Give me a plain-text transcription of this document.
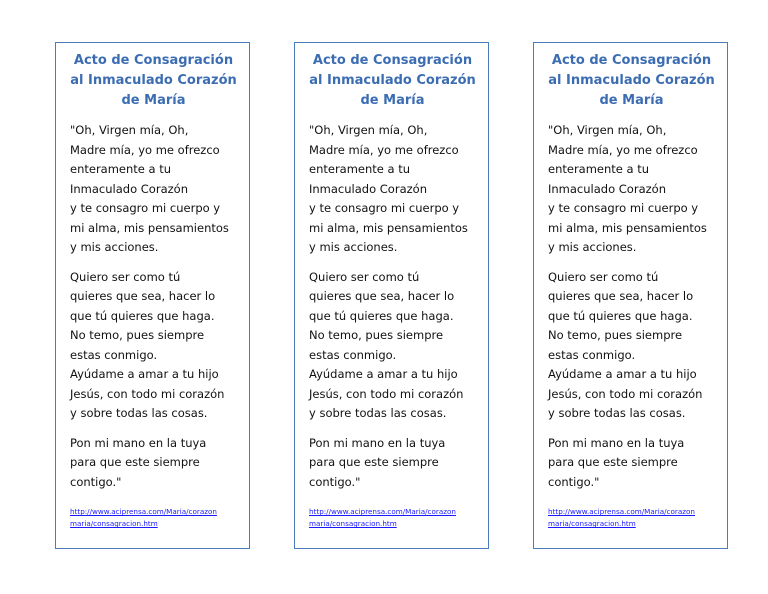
Acto de Consagración
al Inmaculado Corazón
de María
"Oh, Virgen mía, Oh,
Madre mía, yo me ofrezco
enteramente a tu
Inmaculado Corazón
y te consagro mi cuerpo y
mi alma, mis pensamientos
y mis acciones.
Quiero ser como tú
quieres que sea, hacer lo
que tú quieres que haga.
No temo, pues siempre
estas conmigo.
Ayúdame a amar a tu hijo
Jesús, con todo mi corazón
y sobre todas las cosas.
Pon mi mano en la tuya
para que este siempre
contigo."
http://www.aciprensa.com/Maria/corazon
maria/consagracion.htm
Acto de Consagración
al Inmaculado Corazón
de María
"Oh, Virgen mía, Oh,
Madre mía, yo me ofrezco
enteramente a tu
Inmaculado Corazón
y te consagro mi cuerpo y
mi alma, mis pensamientos
y mis acciones.
Quiero ser como tú
quieres que sea, hacer lo
que tú quieres que haga.
No temo, pues siempre
estas conmigo.
Ayúdame a amar a tu hijo
Jesús, con todo mi corazón
y sobre todas las cosas.
Pon mi mano en la tuya
para que este siempre
contigo."
http://www.aciprensa.com/Maria/corazon
maria/consagracion.htm
Acto de Consagración
al Inmaculado Corazón
de María
"Oh, Virgen mía, Oh,
Madre mía, yo me ofrezco
enteramente a tu
Inmaculado Corazón
y te consagro mi cuerpo y
mi alma, mis pensamientos
y mis acciones.
Quiero ser como tú
quieres que sea, hacer lo
que tú quieres que haga.
No temo, pues siempre
estas conmigo.
Ayúdame a amar a tu hijo
Jesús, con todo mi corazón
y sobre todas las cosas.
Pon mi mano en la tuya
para que este siempre
contigo."
http://www.aciprensa.com/Maria/corazon
maria/consagracion.htm
